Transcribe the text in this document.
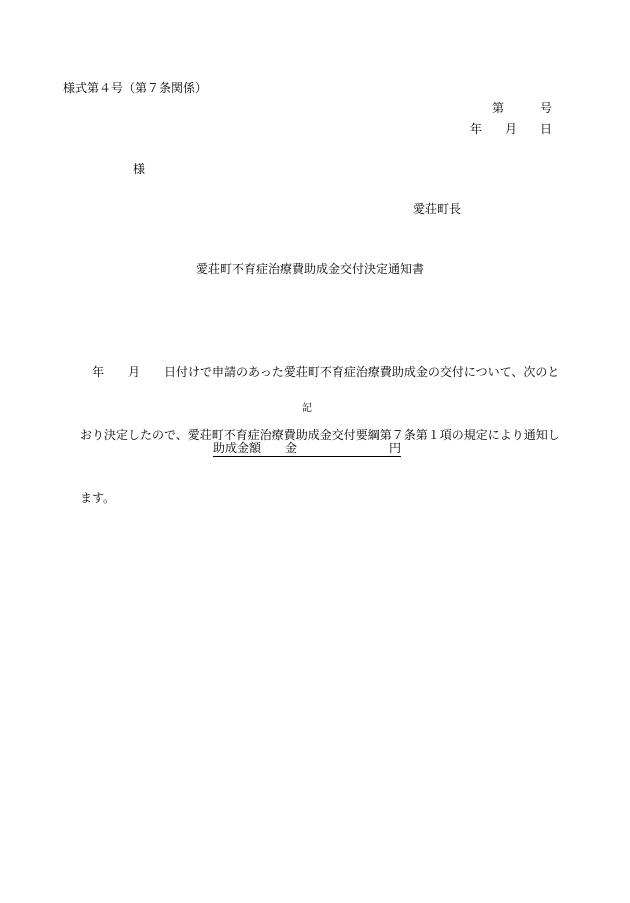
様式第４号（第７条関係）
第	号
年 月 日
様
愛荘町長
愛荘町不育症治療費助成金交付決定通知書

　年　　月　　日付けで申請のあった愛荘町不育症治療費助成金の交付について、次のと

おり決定したので、愛荘町不育症治療費助成金交付要綱第７条第１項の規定により通知し

ます。

記
助成金額 金	円
